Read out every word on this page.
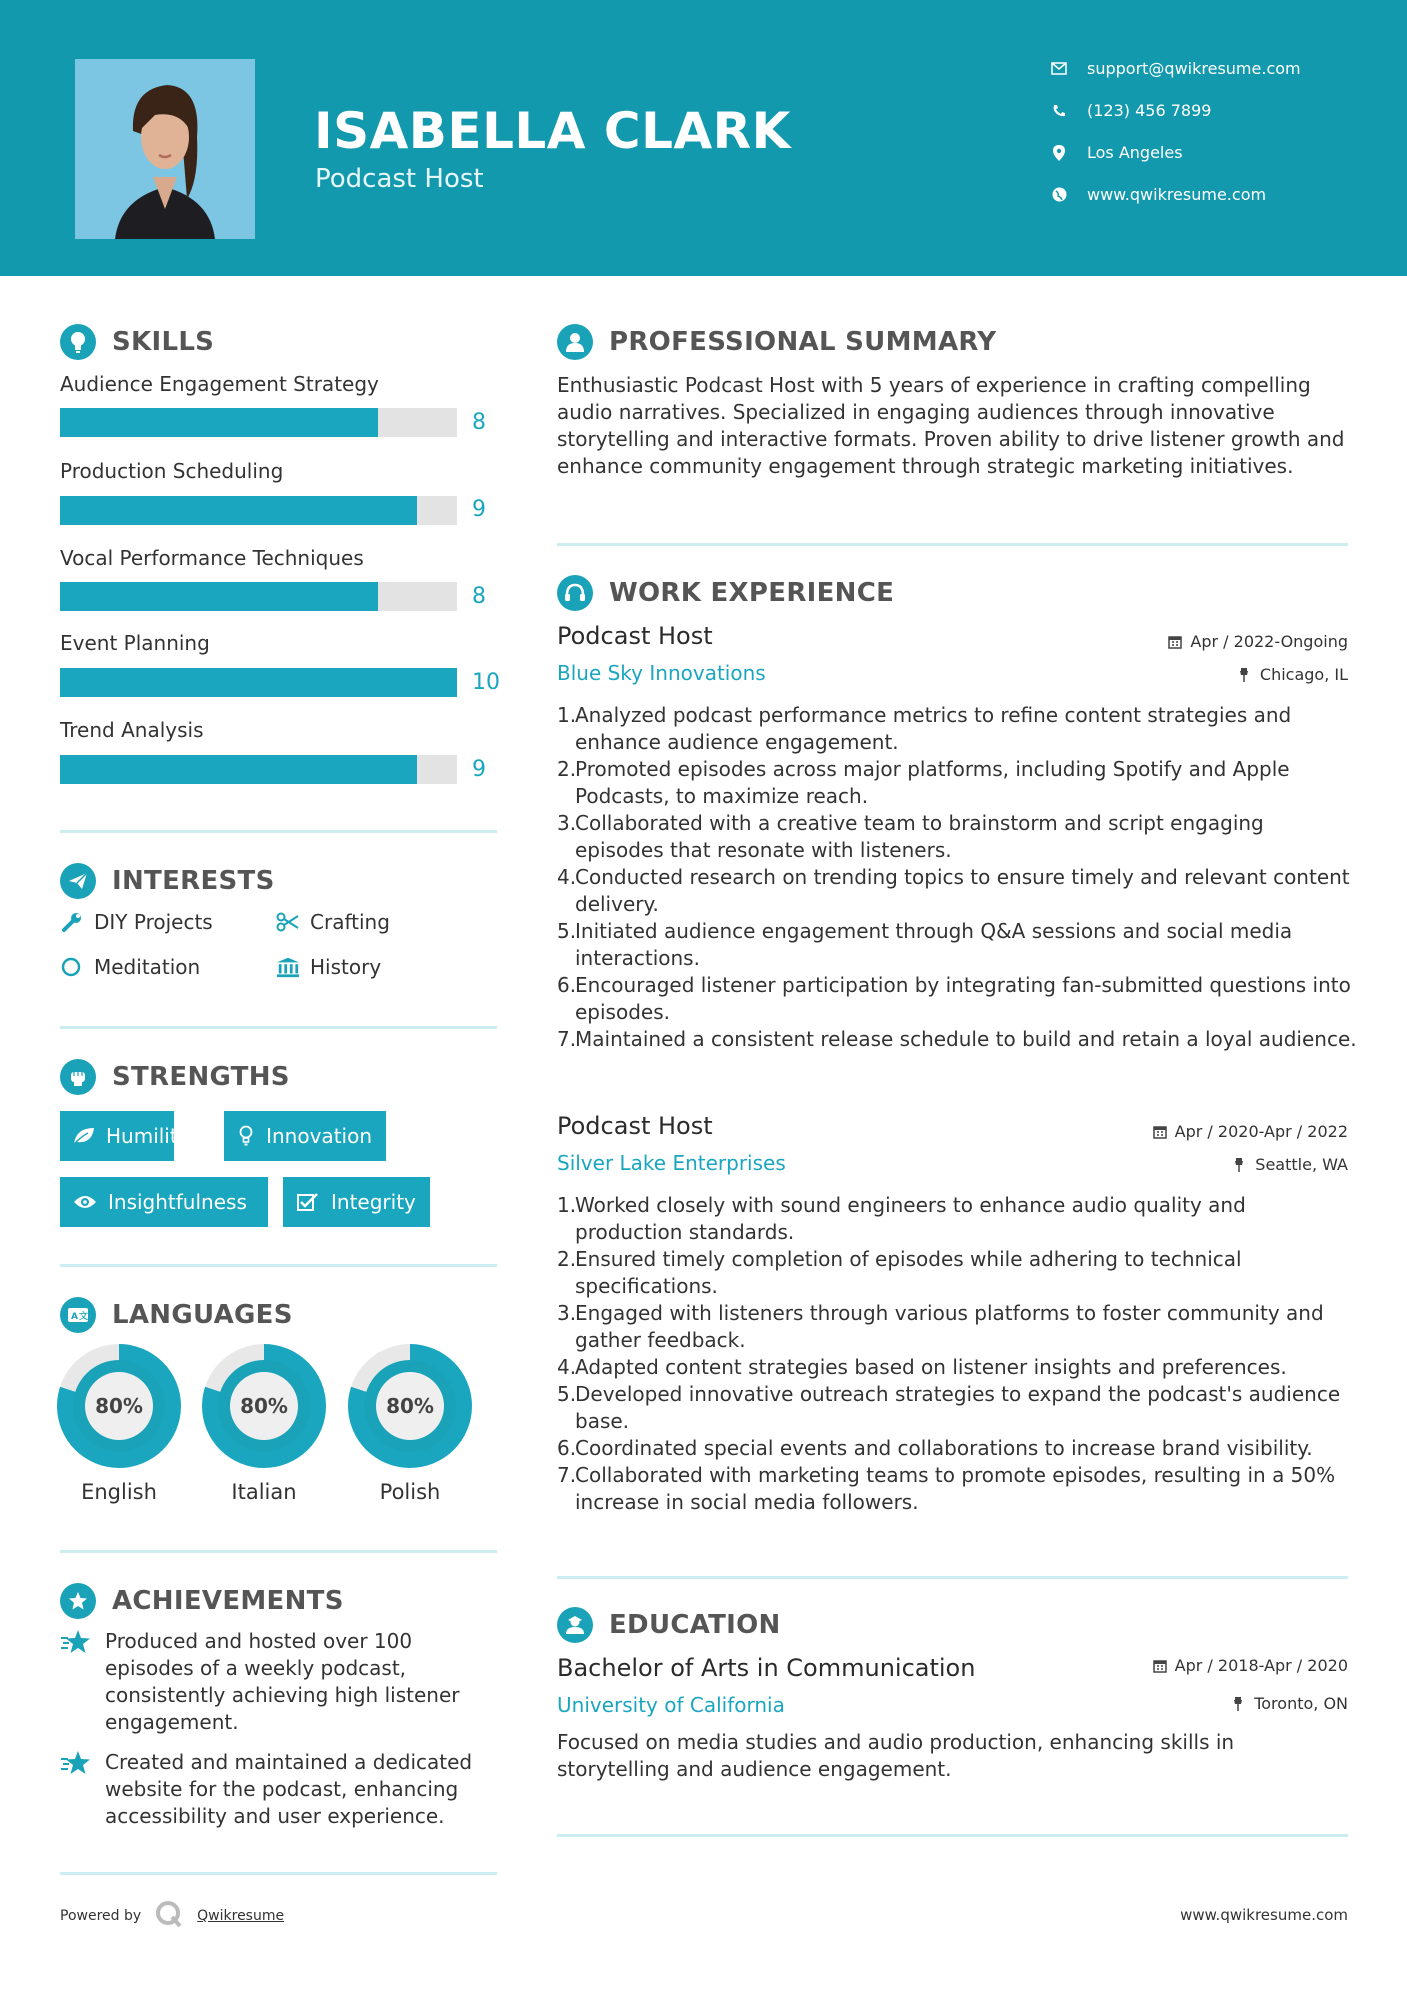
ISABELLA CLARK
Podcast Host
support@qwikresume.com
(123) 456 7899
Los Angeles
www.qwikresume.com
SKILLS
Audience Engagement Strategy
8
Production Scheduling
9
Vocal Performance Techniques
8
Event Planning
10
Trend Analysis
9
INTERESTS
DIY Projects	Crafting
Meditation	History
STRENGTHS
Humility	Innovation
Insightfulness	Integrity
A 文 LANGUAGES
80%
English
80%
Italian
80%
Polish
ACHIEVEMENTS
Produced and hosted over 100 episodes of a weekly podcast, consistently achieving high listener engagement.
Created and maintained a dedicated website for the podcast, enhancing accessibility and user experience.
PROFESSIONAL SUMMARY
Enthusiastic Podcast Host with 5 years of experience in crafting compelling audio narratives. Specialized in engaging audiences through innovative storytelling and interactive formats. Proven ability to drive listener growth and enhance community engagement through strategic marketing initiatives.
WORK EXPERIENCE
Podcast Host	Apr / 2022-Ongoing
Blue Sky Innovations	Chicago, IL
1.
Analyzed podcast performance metrics to refine content strategies and enhance audience engagement.
2.
Promoted episodes across major platforms, including Spotify and Apple Podcasts, to maximize reach.
3.
Collaborated with a creative team to brainstorm and script engaging episodes that resonate with listeners.
4.
Conducted research on trending topics to ensure timely and relevant content delivery.
5.
Initiated audience engagement through Q&A sessions and social media interactions.
6.
Encouraged listener participation by integrating fan-submitted questions into episodes.
7.
Maintained a consistent release schedule to build and retain a loyal audience.
Podcast Host	Apr / 2020-Apr / 2022
Silver Lake Enterprises	Seattle, WA
1.
Worked closely with sound engineers to enhance audio quality and production standards.
2.
Ensured timely completion of episodes while adhering to technical specifications.
3.
Engaged with listeners through various platforms to foster community and gather feedback.
4.
Adapted content strategies based on listener insights and preferences.
5.
Developed innovative outreach strategies to expand the podcast's audience base.
6.
Coordinated special events and collaborations to increase brand visibility.
7.
Collaborated with marketing teams to promote episodes, resulting in a 50% increase in social media followers.
EDUCATION
Bachelor of Arts in Communication	Apr / 2018-Apr / 2020
University of California	Toronto, ON
Focused on media studies and audio production, enhancing skills in storytelling and audience engagement.
Powered by	Qwikresume	www.qwikresume.com
